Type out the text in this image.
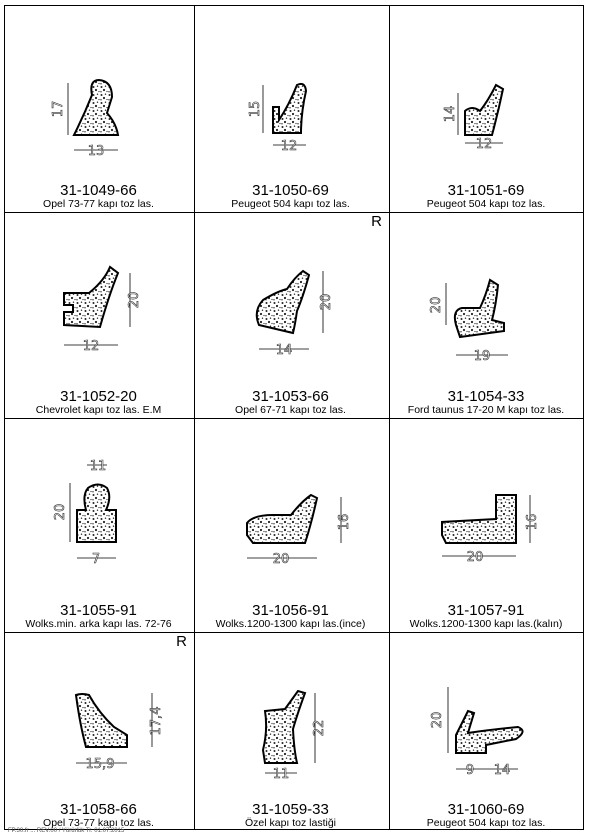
17
13
31-1049-66
Opel 73-77 kapı toz las.
15
12
31-1050-69
Peugeot 504 kapı toz las.
14
12
31-1051-69
Peugeot 504 kapı toz las.
20
12
31-1052-20
Chevrolet kapı toz las. E.M
20
14
R
31-1053-66
Opel 67-71 kapı toz las.
20
19
31-1054-33
Ford taunus 17-20 M kapı toz las.
20
7
11
31-1055-91
Wolks.min. arka kapı las. 72-76
16
20
31-1056-91
Wolks.1200-1300 kapı las.(ince)
16
20
31-1057-91
Wolks.1200-1300 kapı las.(kalın)
17,4
15,9
R
31-1058-66
Opel 73-77 kapı toz las.
22
11
31-1059-33
Özel kapı toz lastiği
20
9 14
31-1060-69
Peugeot 504 kapı toz las.
FP.30.fr ... REV.00 / Yürürlük Tr. 01.07.2015
